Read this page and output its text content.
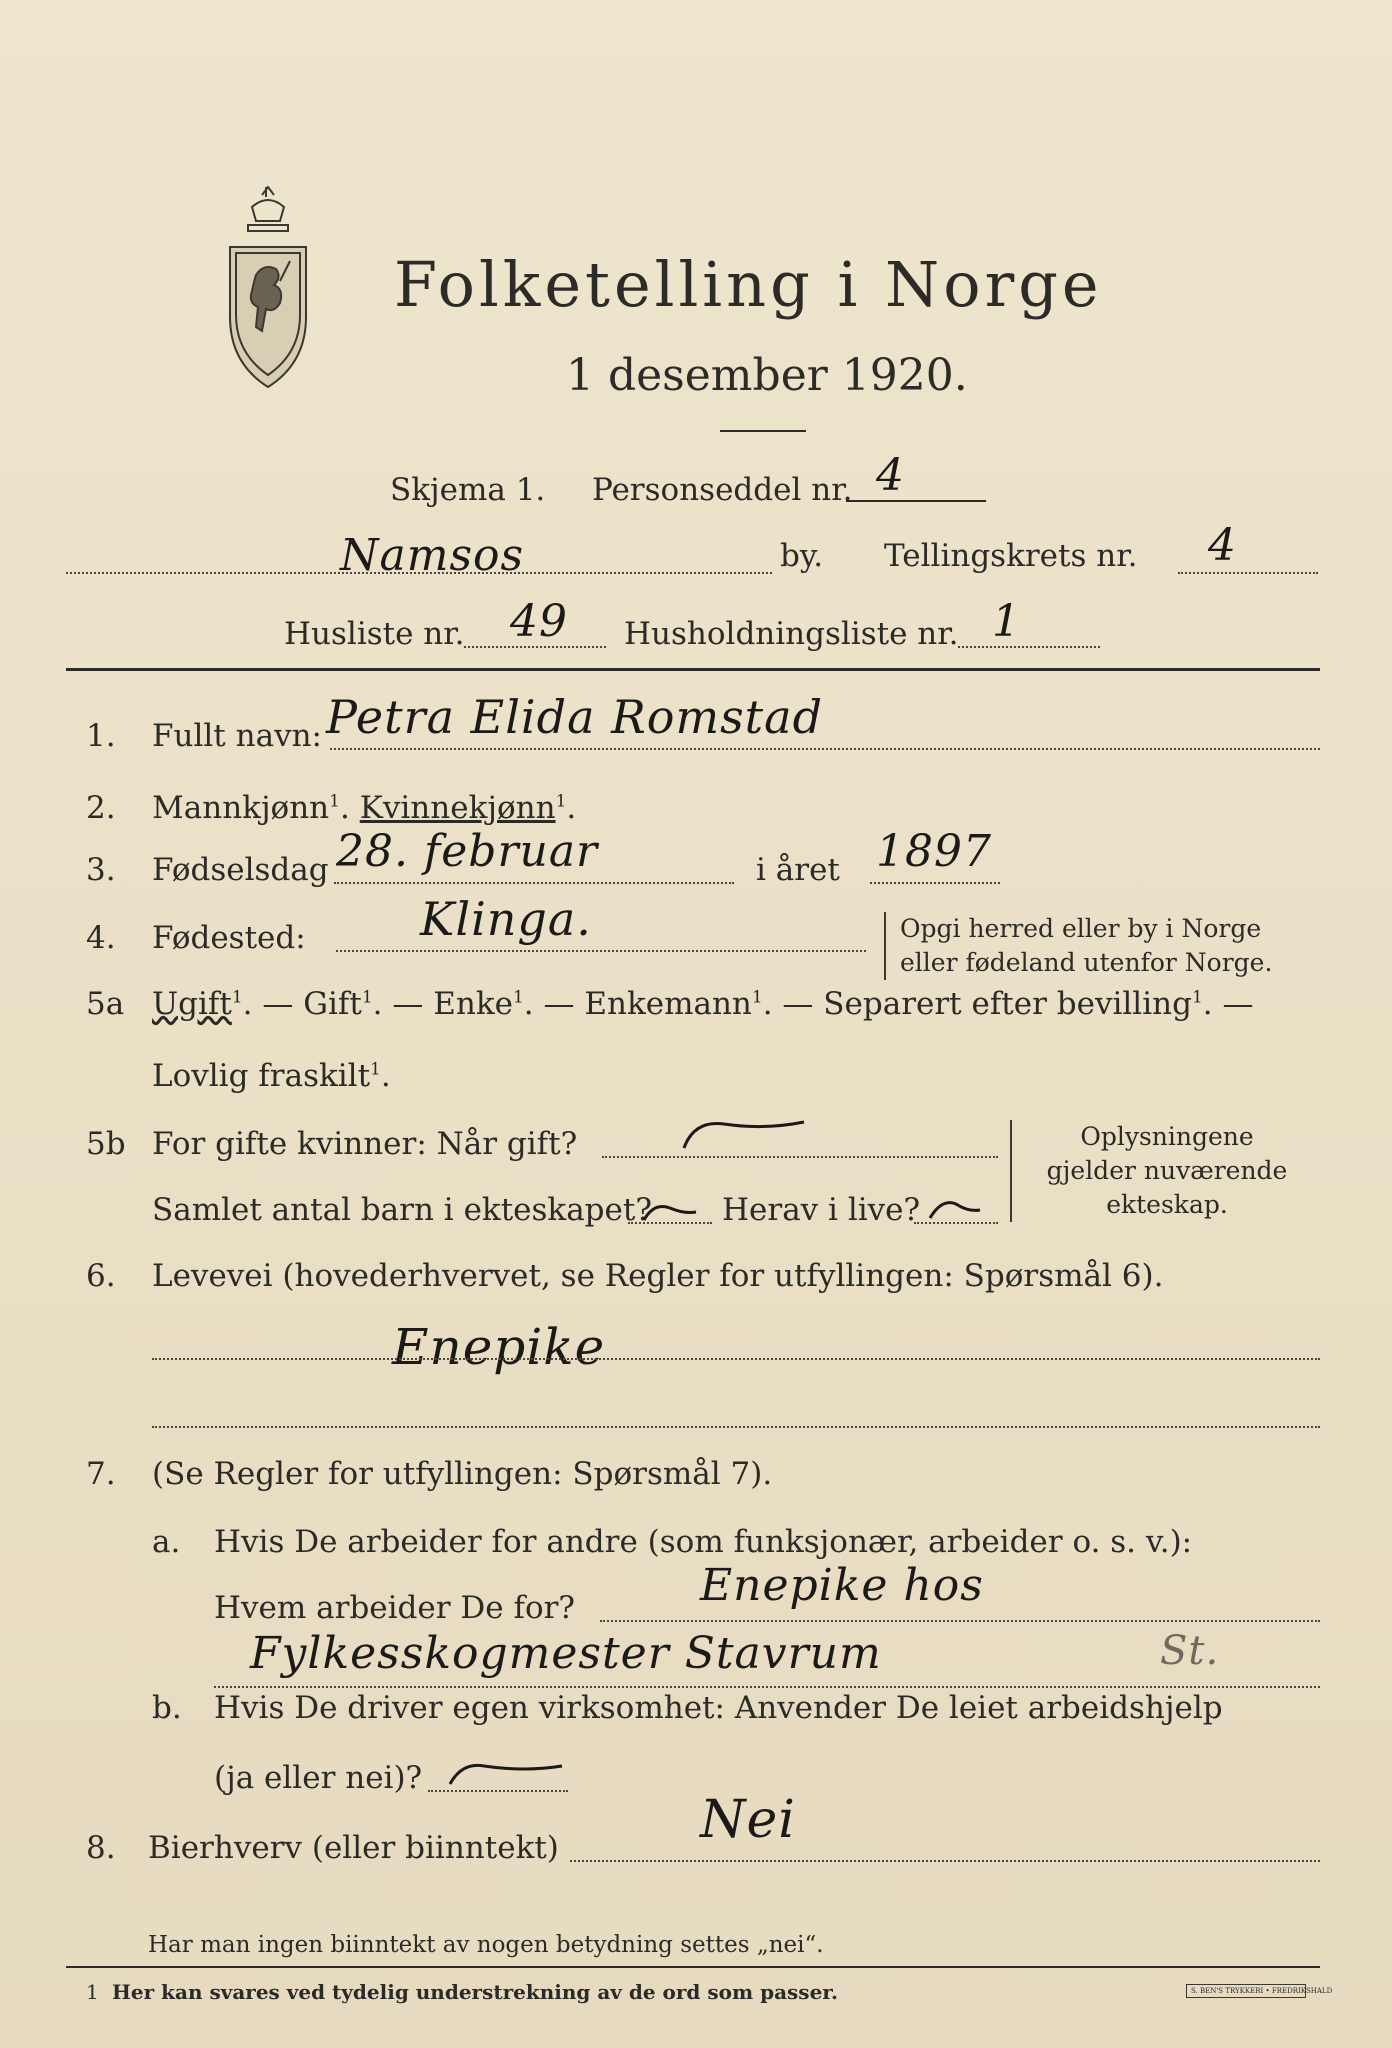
Folketelling i Norge
1 desember 1920.
Skjema 1. Personseddel nr. 4
Namsos	by. Tellingskrets nr. 4
Husliste nr. 49 Husholdningsliste nr. 1
1. Fullt navn: Petra Elida Romstad
2. Mannkjønn$^1$. Kvinnekjønn$^1$.
3. Fødselsdag 28. februar	i året 1897
4. Fødested: Klinga.	Opgi herred eller by i Norge
eller fødeland utenfor Norge.
5a Ugift$^1$. — Gift$^1$. — Enke$^1$. — Enkemann$^1$. — Separert efter bevilling$^1$. —
Lovlig fraskilt$^1$.
5b For gifte kvinner: Når gift?
Samlet antal barn i ekteskapet? Herav i live?
Oplysningene
gjelder nuværende
ekteskap.
6. Levevei (hovederhvervet, se Regler for utfyllingen: Spørsmål 6).
Enepike
7. (Se Regler for utfyllingen: Spørsmål 7).
a. Hvis De arbeider for andre (som funksjonær, arbeider o. s. v.):
Hvem arbeider De for?	Enepike hos
Fylkesskogmester Stavrum	St.
b. Hvis De driver egen virksomhet: Anvender De leiet arbeidshjelp
(ja eller nei)?
8. Bierhverv (eller biinntekt)	Nei
Har man ingen biinntekt av nogen betydning settes „nei“.
1 Her kan svares ved tydelig understrekning av de ord som passer.	S. BEN'S TRYKKERI • FREDRIKSHALD
